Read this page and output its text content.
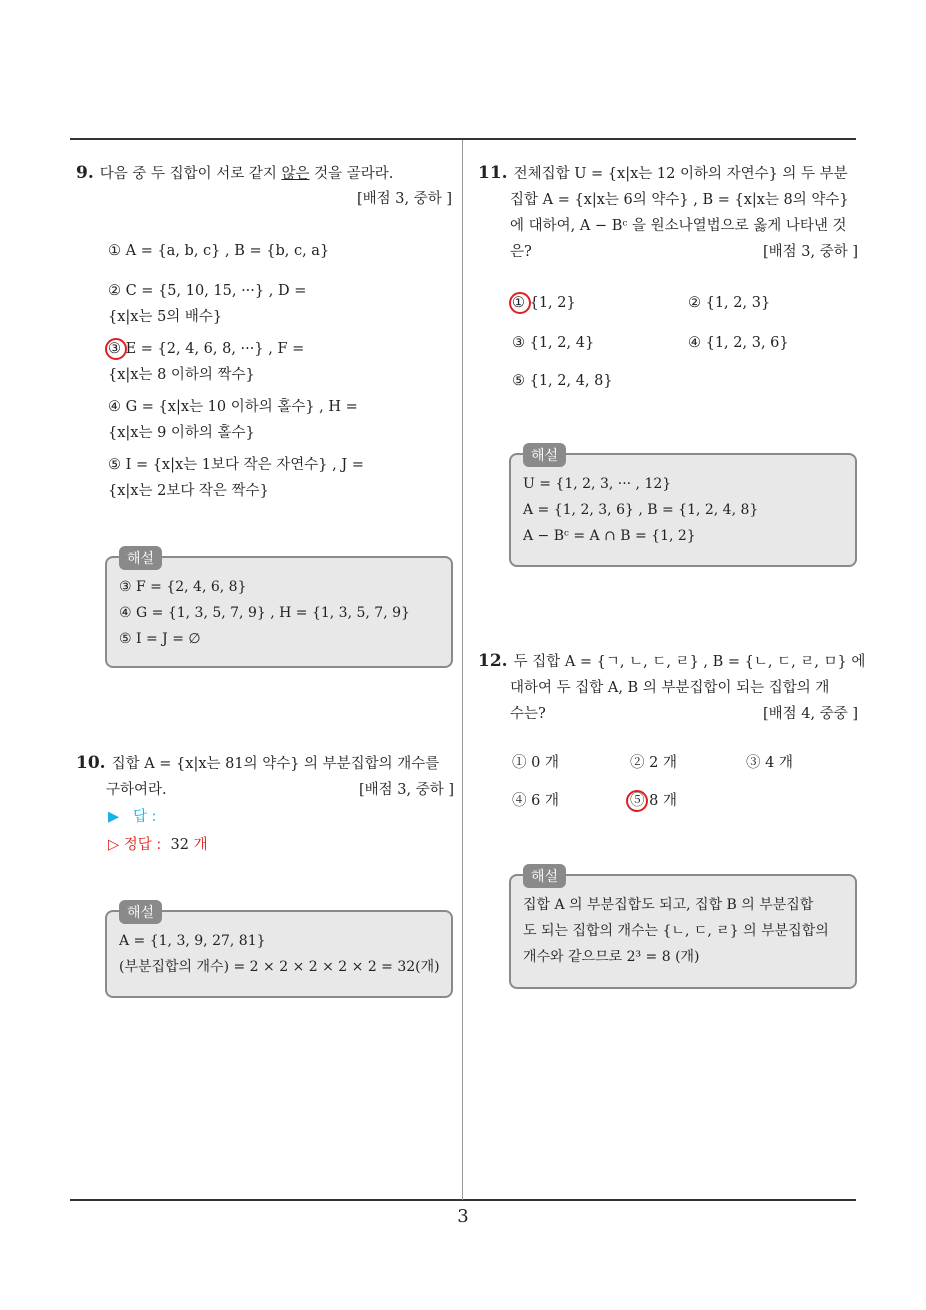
9. 다음 중 두 집합이 서로 같지 않은 것을 골라라.
[배점 3, 중하 ]
① A = {a, b, c} , B = {b, c, a}
② C = {5, 10, 15, ···} , D =
{x|x는 5의 배수}
③ E = {2, 4, 6, 8, ···} , F =
{x|x는 8 이하의 짝수}
④ G = {x|x는 10 이하의 홀수} , H =
{x|x는 9 이하의 홀수}
⑤ I = {x|x는 1보다 작은 자연수} , J =
{x|x는 2보다 작은 짝수}
해설
③ F = {2, 4, 6, 8}
④ G = {1, 3, 5, 7, 9} , H = {1, 3, 5, 7, 9}
⑤ I = J = ∅
10. 집합 A = {x|x는 81의 약수} 의 부분집합의 개수를
구하여라.	[배점 3, 중하 ]
▶ 답 :
▷ 정답 : 32 개
해설
A = {1, 3, 9, 27, 81}
(부분집합의 개수) = 2 × 2 × 2 × 2 × 2 = 32(개)
11. 전체집합 U = {x|x는 12 이하의 자연수} 의 두 부분
집합 A = {x|x는 6의 약수} , B = {x|x는 8의 약수}
에 대하여, A − Bᶜ 을 원소나열법으로 옳게 나타낸 것
은?	[배점 3, 중하 ]
① {1, 2}	② {1, 2, 3}
③ {1, 2, 4}	④ {1, 2, 3, 6}
⑤ {1, 2, 4, 8}
해설
U = {1, 2, 3, ··· , 12}
A = {1, 2, 3, 6} , B = {1, 2, 4, 8}
A − Bᶜ = A ∩ B = {1, 2}
12. 두 집합 A = {ㄱ, ㄴ, ㄷ, ㄹ} , B = {ㄴ, ㄷ, ㄹ, ㅁ} 에
대하여 두 집합 A, B 의 부분집합이 되는 집합의 개
수는?	[배점 4, 중중 ]
① 0 개	② 2 개	③ 4 개
④ 6 개	⑤ 8 개
해설
집합 A 의 부분집합도 되고, 집합 B 의 부분집합
도 되는 집합의 개수는 {ㄴ, ㄷ, ㄹ} 의 부분집합의
개수와 같으므로 2³ = 8 (개)
3
